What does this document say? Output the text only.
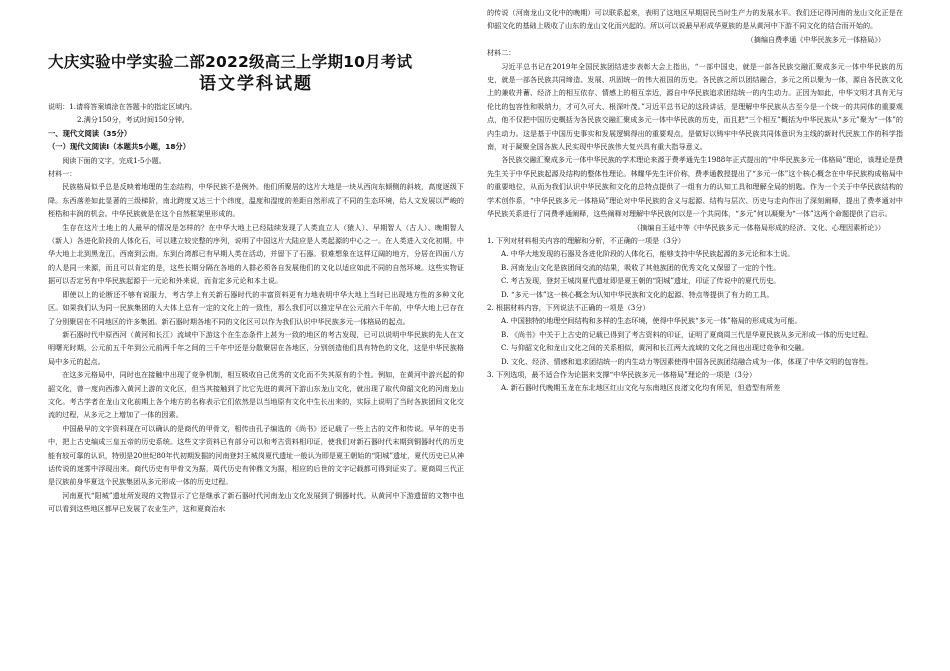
大庆实验中学实验二部2022级高三上学期10月考试

语文学科试题

说明：1.请将答案填涂在答题卡的指定区域内。

2.满分150分，考试时间150分钟。

一、现代文阅读（35分）

（一）现代文阅读Ⅰ（本题共5小题，18分）

阅读下面的文字，完成1-5小题。

材料一：

民族格局似乎总是反映着地理的生态结构，中华民族不是例外。他们所聚居的这片大地是一块从西向东倾侧的斜坡，高度逐级下降。东西落差如此显著的三级梯阶，南北跨度又达三十个纬度，温度和湿度的差距自然形成了不同的生态环境，给人文发展以严峻的桎梏和丰润的机会。中华民族就是在这个自然框架里形成的。

生存在这片土地上的人最早的情况是怎样的？在中华大地上已经陆续发现了人类直立人（猿人）、早期智人（古人）、晚期智人（新人）各进化阶段的人体化石，可以建立较完整的序列，说明了中国这片大陆应是人类起源的中心之一。在人类进入文化初期，中华大地上北到黑龙江，西南到云南，东到台湾都已有早期人类在活动，并留下了石器。很难想象在这样辽阔的地方，分居在四面八方的人是同一来源，而且可以肯定的是，这些长期分隔在各地的人群必须各自发展他们的文化以适应如此不同的自然环境。这些实物证据可以否定另有中华民族起源于一元论和外来说，而肯定多元论和本土说。

即使以上的论断还不够有说服力，考古学上有关新石器时代的丰富资料更有力地表明中华大地上当时已出现地方性的多种文化区。如果我们认为同一民族集团的人大体上总有一定的文化上的一致性，那么我们可以推定早在公元前六千年前，中华大地上已存在了分别聚居在不同地区的许多集团。新石器时期各地不同的文化区可以作为我们认识中华民族多元一体格局的起点。

新石器时代中原西河（黄河和长江）流域中下游这个在生态条件上甚为一致的地区的考古发现，已可以说明中华民族的先人在文明曙光时期，公元前五千年到公元前两千年之间的三千年中还是分散聚居在各地区，分别创造他们具有特色的文化，这是中华民族格局中多元的起点。

在这多元格局中，同时也在接触中出现了竞争机制，相互吸收自己优秀的文化而不失其原有的个性。例如，在黄河中游兴起的仰韶文化，曾一度向西渗入黄河上游的文化区，但当其接触到了比它先进的黄河下游山东龙山文化，就出现了取代仰韶文化的河南龙山文化。考古学者在龙山文化前期上各个地方的名称表示它们依然是以当地原有文化中生长出来的，实际上说明了当时各族团间文化交流的过程，从多元之上增加了一体的因素。

中国最早的文字资料现在可以确认的是商代的甲骨文，相传由孔子编选的《尚书》还记载了一些上古的文件和传说。早年的史书中，把上古史编成三皇五帝的历史系统。这些文字资料已有部分可以和考古资料相印证，使我们对新石器时代末期到铜器时代的历史能有较可靠的认识，特别是20世纪80年代初期发掘的河南登封王城岗夏代遗址一般认为即是夏王朝始的“阳城”遗址，夏代历史已从神话传说的迷雾中浮现出来。商代历史有甲骨文为据，周代历史有钟鼎文为据，相应的后世的文字记载都可得到证实了。夏商周三代正是汉族前身华夏这个民族集团从多元形成一体的历史过程。

河南夏代“阳城”遗址所发现的文物显示了它是继承了新石器时代河南龙山文化发展到了铜器时代。从黄河中下游遗留的文物中也可以看到这些地区都早已发展了农业生产，这和夏商治水

的传说（河南龙山文化中的晚期）可以联系起来，表明了这地区早期居民当时生产力的发展水平。我们还记得河南的龙山文化正是在仰韶文化的基础上吸收了山东的龙山文化而兴起的。所以可以说最早形成华夏族的是从黄河中下游不同文化的结合而开始的。

（摘编自费孝通《中华民族多元一体格局》）

材料二：

习近平总书记在2019年全国民族团结进步表彰大会上指出，“一部中国史，就是一部各民族交融汇聚成多元一体中华民族的历史，就是一部各民族共同缔造、发展、巩固统一的伟大祖国的历史。各民族之所以团结融合，多元之所以聚为一体，源自各民族文化上的兼收并蓄、经济上的相互依存、情感上的相互亲近，源自中华民族追求团结统一的内生动力。正因为如此，中华文明才具有无与伦比的包容性和吸纳力，才可久可大、根深叶茂。”习近平总书记的这段讲话，是理解中华民族从古至今是一个统一的共同体的重要观点，他不仅把中国历史概括为各民族交融汇聚成多元一体中华民族的历史，而且把“三个相互”概括为中华民族从“多元”聚为“一体”的内生动力。这是基于中国历史事实和发展逻辑得出的重要观点，是做好以铸牢中华民族共同体意识为主线的新时代民族工作的科学指南，对于凝聚全国各族人民实现中华民族伟大复兴具有重大指导意义。

各民族交融汇聚成多元一体中华民族的学术理论来源于费孝通先生1988年正式提出的“中华民族多元一体格局”理论，该理论是费先生关于中华民族起源及结构的整体性理论。林耀华先生评价称，费孝通教授提出了“多元一体”这个核心概念在中华民族构成格局中的重要地位，从而为我们认识中华民族和文化的总特点提供了一组有力的认知工具和理解全局的钥匙。作为一个关于中华民族结构的学术创作系，“中华民族多元一体格局”理论对中华民族的含义与起源、结构与层次、历史与走向作出了深刻阐释，提出了费孝通对中华民族关系进行了同费孝通阐释，这些阐释对理解中华民族何以是一个共同体，“多元”何以凝聚为“一体”这两个命题提供了启示。

（摘编自王延中等《中华民族多元一体格局形成的经济、文化、心理因素析论》）

1. 下列对材料相关内容的理解和分析，不正确的一项是（3分）

A. 中华大地发现的石器及各进化阶段的人体化石，能够支持中华民族起源的多元论和本土说。

B. 河南龙山文化是族团间交流的结果，吸收了其他族团的优秀文化又保留了一定的个性。

C. 考古发现，登封王城岗夏代遗址即是夏王朝的“阳城”遗址，印证了传说中的夏代历史。

D. “多元一体”这一核心概念为认知中华民族和文化的起源、特点等提供了有力的工具。

2. 根据材料内容，下列说法不正确的一项是（3分）

A. 中国独特的地理空间结构和多样的生态环境，使得中华民族“多元一体”格局的形成成为可能。

B. 《尚书》中关于上古史的记载已得到了考古资料的印证，证明了夏商周三代是华夏民族从多元形成一体的历史过程。

C. 与仰韶文化和龙山文化之间的关系相似，黄河和长江两大流域的文化之间也出现过竞争和交融。

D. 文化、经济、情感和追求团结统一的内生动力等因素使得中国各民族团结融合成为一体，体现了中华文明的包容性。

3. 下列选项，最不适合作为论据来支撑“中华民族多元一体格局”理论的一项是（3分）

A. 新石器时代晚期玉龙在东北地区红山文化与东南地区良渚文化均有所见，但造型有所差
